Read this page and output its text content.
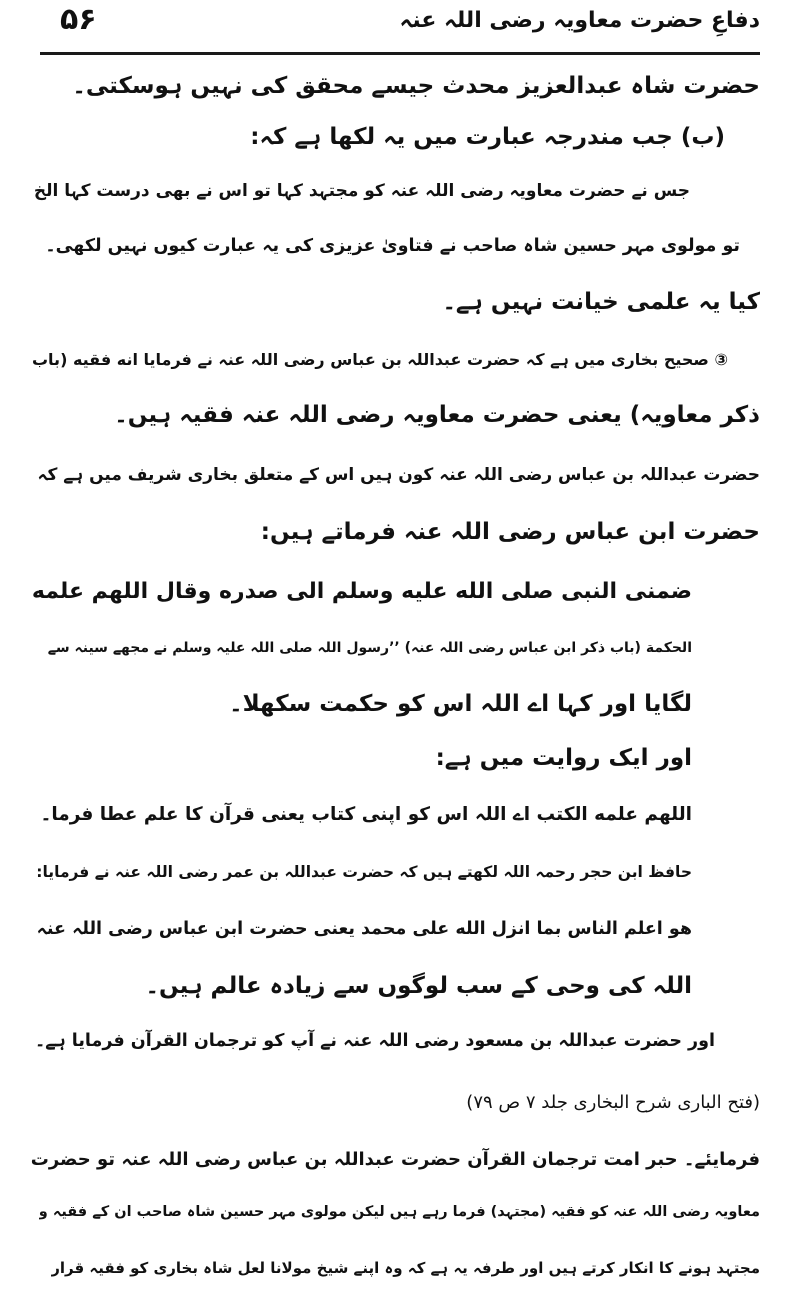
دفاعِ حضرت معاویہ رضی اللہ عنہ
۵۶
حضرت شاہ عبدالعزیز محدث جیسے محقق کی نہیں ہوسکتی۔
(ب) جب مندرجہ عبارت میں یہ لکھا ہے کہ:
جس نے حضرت معاویہ رضی اللہ عنہ کو مجتہد کہا تو اس نے بھی درست کہا الخ
تو مولوی مہر حسین شاہ صاحب نے فتاویٰ عزیزی کی یہ عبارت کیوں نہیں لکھی۔
کیا یہ علمی خیانت نہیں ہے۔
③ صحیح بخاری میں ہے کہ حضرت عبداللہ بن عباس رضی اللہ عنہ نے فرمایا انه فقیه (باب
ذکر معاویہ) یعنی حضرت معاویہ رضی اللہ عنہ فقیہ ہیں۔
حضرت عبداللہ بن عباس رضی اللہ عنہ کون ہیں اس کے متعلق بخاری شریف میں ہے کہ
حضرت ابن عباس رضی اللہ عنہ فرماتے ہیں:
ضمنی النبی صلی الله علیه وسلم الی صدره وقال اللهم علمه
الحکمة (باب ذکر ابن عباس رضی اللہ عنہ) ’’رسول اللہ صلی اللہ علیہ وسلم نے مجھے سینہ سے
لگایا اور کہا اے اللہ اس کو حکمت سکھلا۔
اور ایک روایت میں ہے:
اللهم علمه الکتب اے اللہ اس کو اپنی کتاب یعنی قرآن کا علم عطا فرما۔
حافظ ابن حجر رحمہ اللہ لکھتے ہیں کہ حضرت عبداللہ بن عمر رضی اللہ عنہ نے فرمایا:
هو اعلم الناس بما انزل الله علی محمد یعنی حضرت ابن عباس رضی اللہ عنہ
اللہ کی وحی کے سب لوگوں سے زیادہ عالم ہیں۔
اور حضرت عبداللہ بن مسعود رضی اللہ عنہ نے آپ کو ترجمان القرآن فرمایا ہے۔
(فتح الباری شرح البخاری جلد ۷ ص ۷۹)
فرمایئے۔ حبر امت ترجمان القرآن حضرت عبداللہ بن عباس رضی اللہ عنہ تو حضرت
معاویہ رضی اللہ عنہ کو فقیہ (مجتہد) فرما رہے ہیں لیکن مولوی مہر حسین شاہ صاحب ان کے فقیہ و
مجتہد ہونے کا انکار کرتے ہیں اور طرفہ یہ ہے کہ وہ اپنے شیخ مولانا لعل شاہ بخاری کو فقیہ قرار
